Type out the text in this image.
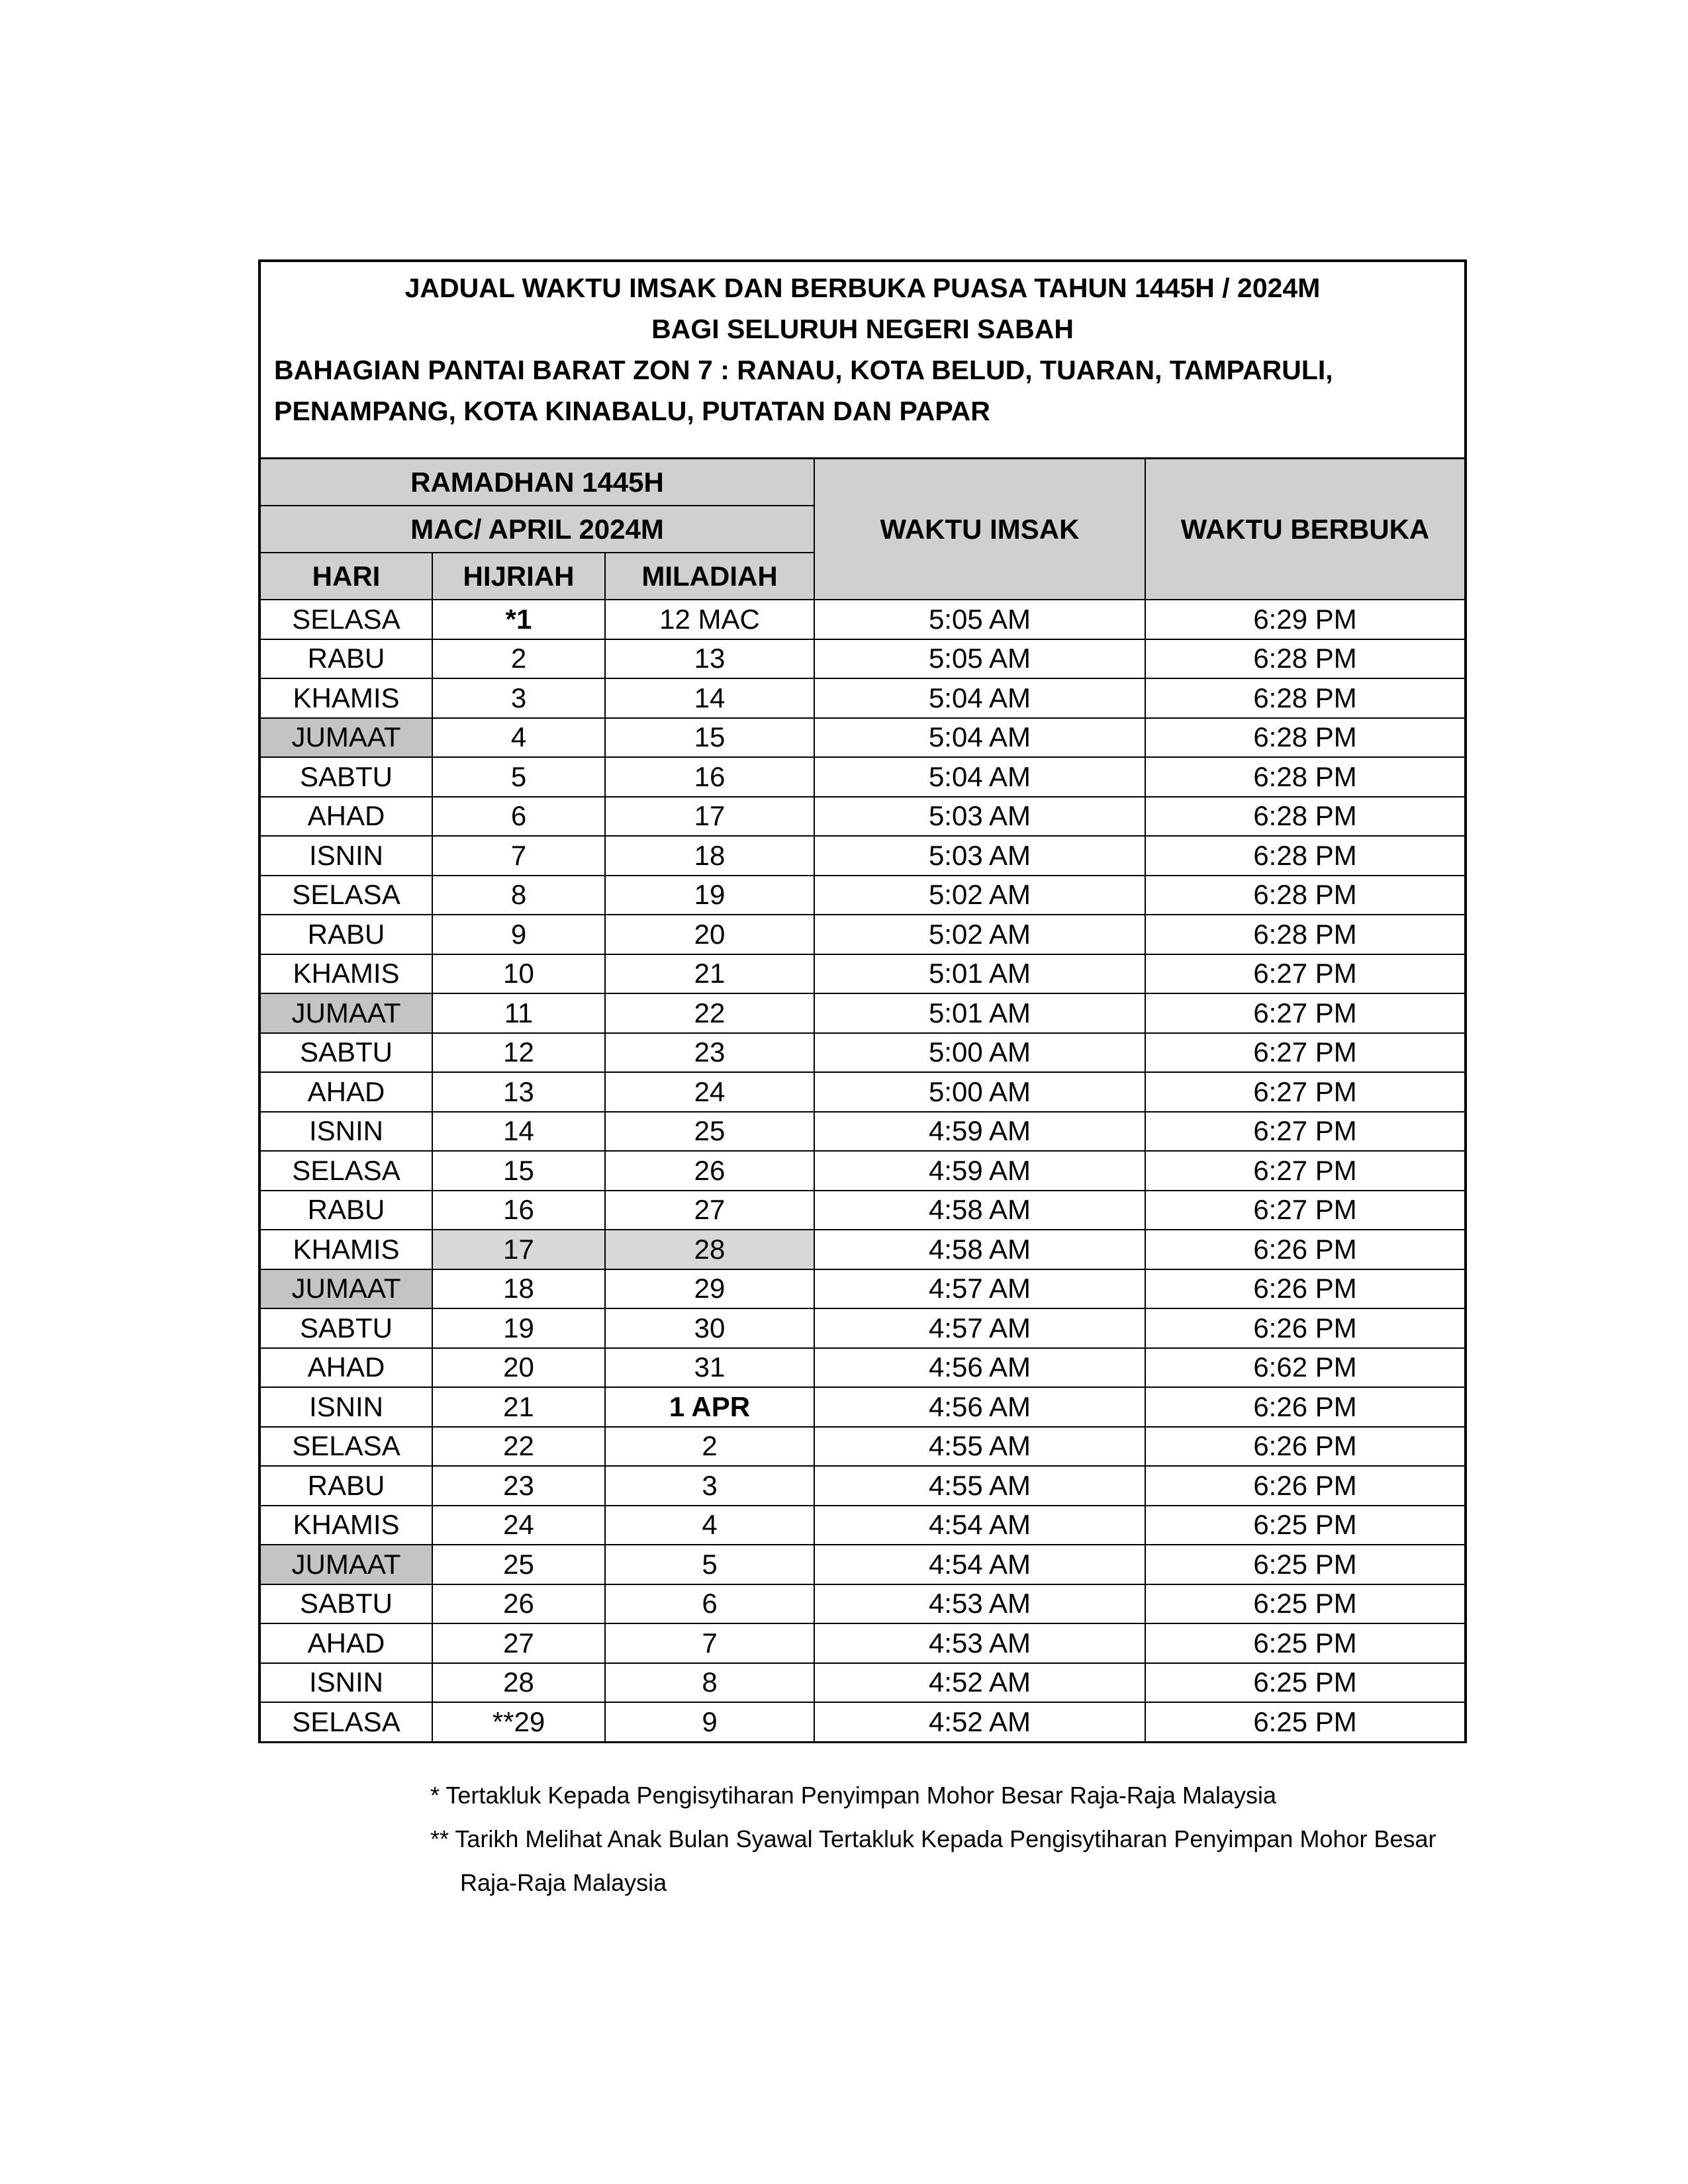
JADUAL WAKTU IMSAK DAN BERBUKA PUASA TAHUN 1445H / 2024M
BAGI SELURUH NEGERI SABAH
BAHAGIAN PANTAI BARAT ZON 7 : RANAU, KOTA BELUD, TUARAN, TAMPARULI,
PENAMPANG, KOTA KINABALU, PUTATAN DAN PAPAR				

RAMADHAN 1445H			WAKTU IMSAK	WAKTU BERBUKA
MAC/ APRIL 2024M				
HARI	HIJRIAH	MILADIAH		
SELASA	*1	12 MAC	5:05 AM	6:29 PM
RABU	2	13	5:05 AM	6:28 PM
KHAMIS	3	14	5:04 AM	6:28 PM
JUMAAT	4	15	5:04 AM	6:28 PM
SABTU	5	16	5:04 AM	6:28 PM
AHAD	6	17	5:03 AM	6:28 PM
ISNIN	7	18	5:03 AM	6:28 PM
SELASA	8	19	5:02 AM	6:28 PM
RABU	9	20	5:02 AM	6:28 PM
KHAMIS	10	21	5:01 AM	6:27 PM
JUMAAT	11	22	5:01 AM	6:27 PM
SABTU	12	23	5:00 AM	6:27 PM
AHAD	13	24	5:00 AM	6:27 PM
ISNIN	14	25	4:59 AM	6:27 PM
SELASA	15	26	4:59 AM	6:27 PM
RABU	16	27	4:58 AM	6:27 PM
KHAMIS	17	28	4:58 AM	6:26 PM
JUMAAT	18	29	4:57 AM	6:26 PM
SABTU	19	30	4:57 AM	6:26 PM
AHAD	20	31	4:56 AM	6:62 PM
ISNIN	21	1 APR	4:56 AM	6:26 PM
SELASA	22	2	4:55 AM	6:26 PM
RABU	23	3	4:55 AM	6:26 PM
KHAMIS	24	4	4:54 AM	6:25 PM
JUMAAT	25	5	4:54 AM	6:25 PM
SABTU	26	6	4:53 AM	6:25 PM
AHAD	27	7	4:53 AM	6:25 PM
ISNIN	28	8	4:52 AM	6:25 PM
SELASA	**29	9	4:52 AM	6:25 PM
* Tertakluk Kepada Pengisytiharan Penyimpan Mohor Besar Raja-Raja Malaysia
** Tarikh Melihat Anak Bulan Syawal Tertakluk Kepada Pengisytiharan Penyimpan Mohor Besar
Raja-Raja Malaysia
